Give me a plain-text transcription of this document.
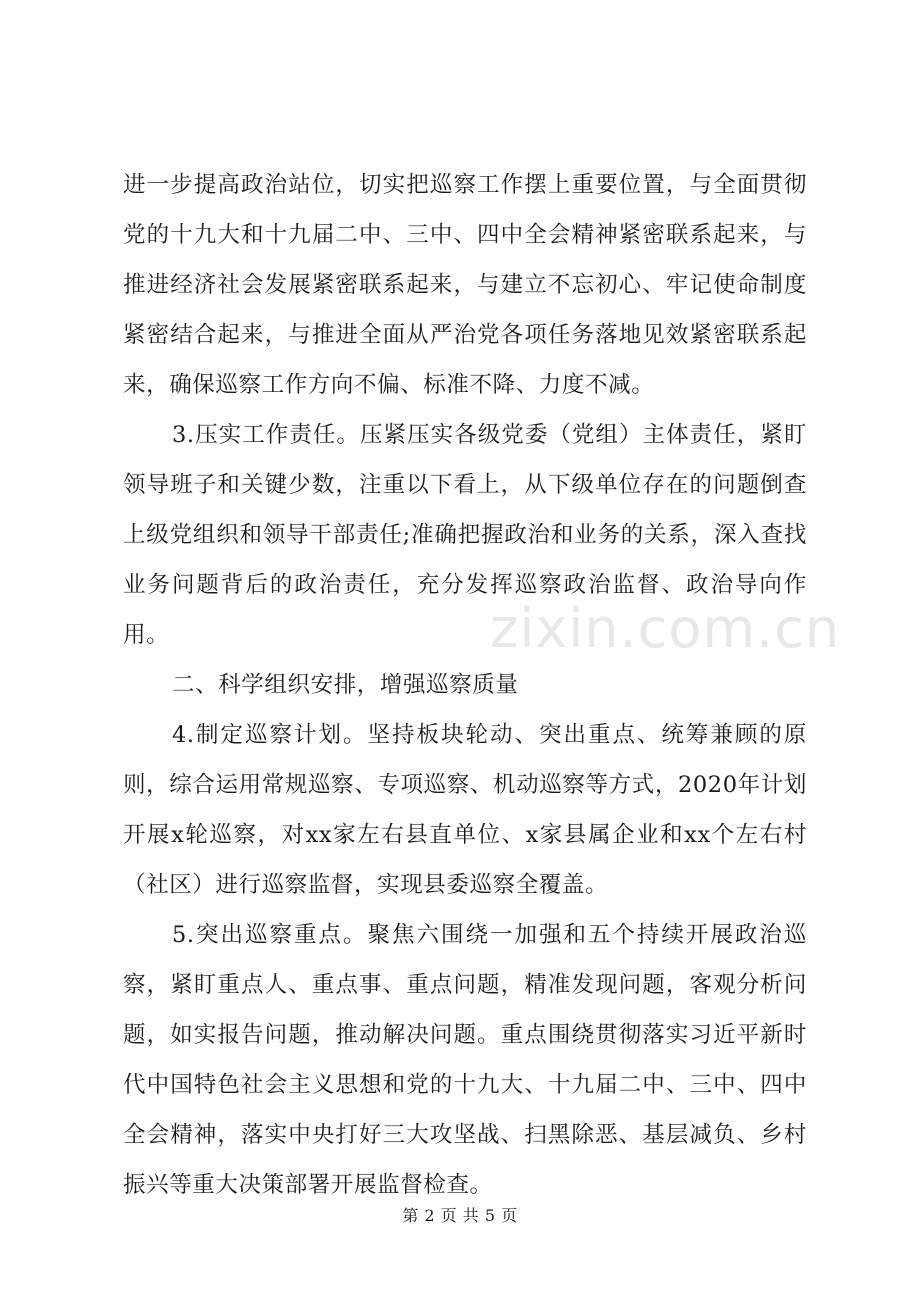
进一步提高政治站位，切实把巡察工作摆上重要位置，与全面贯彻党的十九大和十九届二中、三中、四中全会精神紧密联系起来，与推进经济社会发展紧密联系起来，与建立不忘初心、牢记使命制度紧密结合起来，与推进全面从严治党各项任务落地见效紧密联系起来，确保巡察工作方向不偏、标准不降、力度不减。

3.压实工作责任。压紧压实各级党委（党组）主体责任，紧盯领导班子和关键少数，注重以下看上，从下级单位存在的问题倒查上级党组织和领导干部责任;准确把握政治和业务的关系，深入查找业务问题背后的政治责任，充分发挥巡察政治监督、政治导向作用。

二、科学组织安排，增强巡察质量

4.制定巡察计划。坚持板块轮动、突出重点、统筹兼顾的原则，综合运用常规巡察、专项巡察、机动巡察等方式，2020年计划开展x轮巡察，对xx家左右县直单位、x家县属企业和xx个左右村（社区）进行巡察监督，实现县委巡察全覆盖。

5.突出巡察重点。聚焦六围绕一加强和五个持续开展政治巡察，紧盯重点人、重点事、重点问题，精准发现问题，客观分析问题，如实报告问题，推动解决问题。重点围绕贯彻落实习近平新时代中国特色社会主义思想和党的十九大、十九届二中、三中、四中全会精神，落实中央打好三大攻坚战、扫黑除恶、基层减负、乡村振兴等重大决策部署开展监督检查。

zixin.com.cn
第 2 页 共 5 页
